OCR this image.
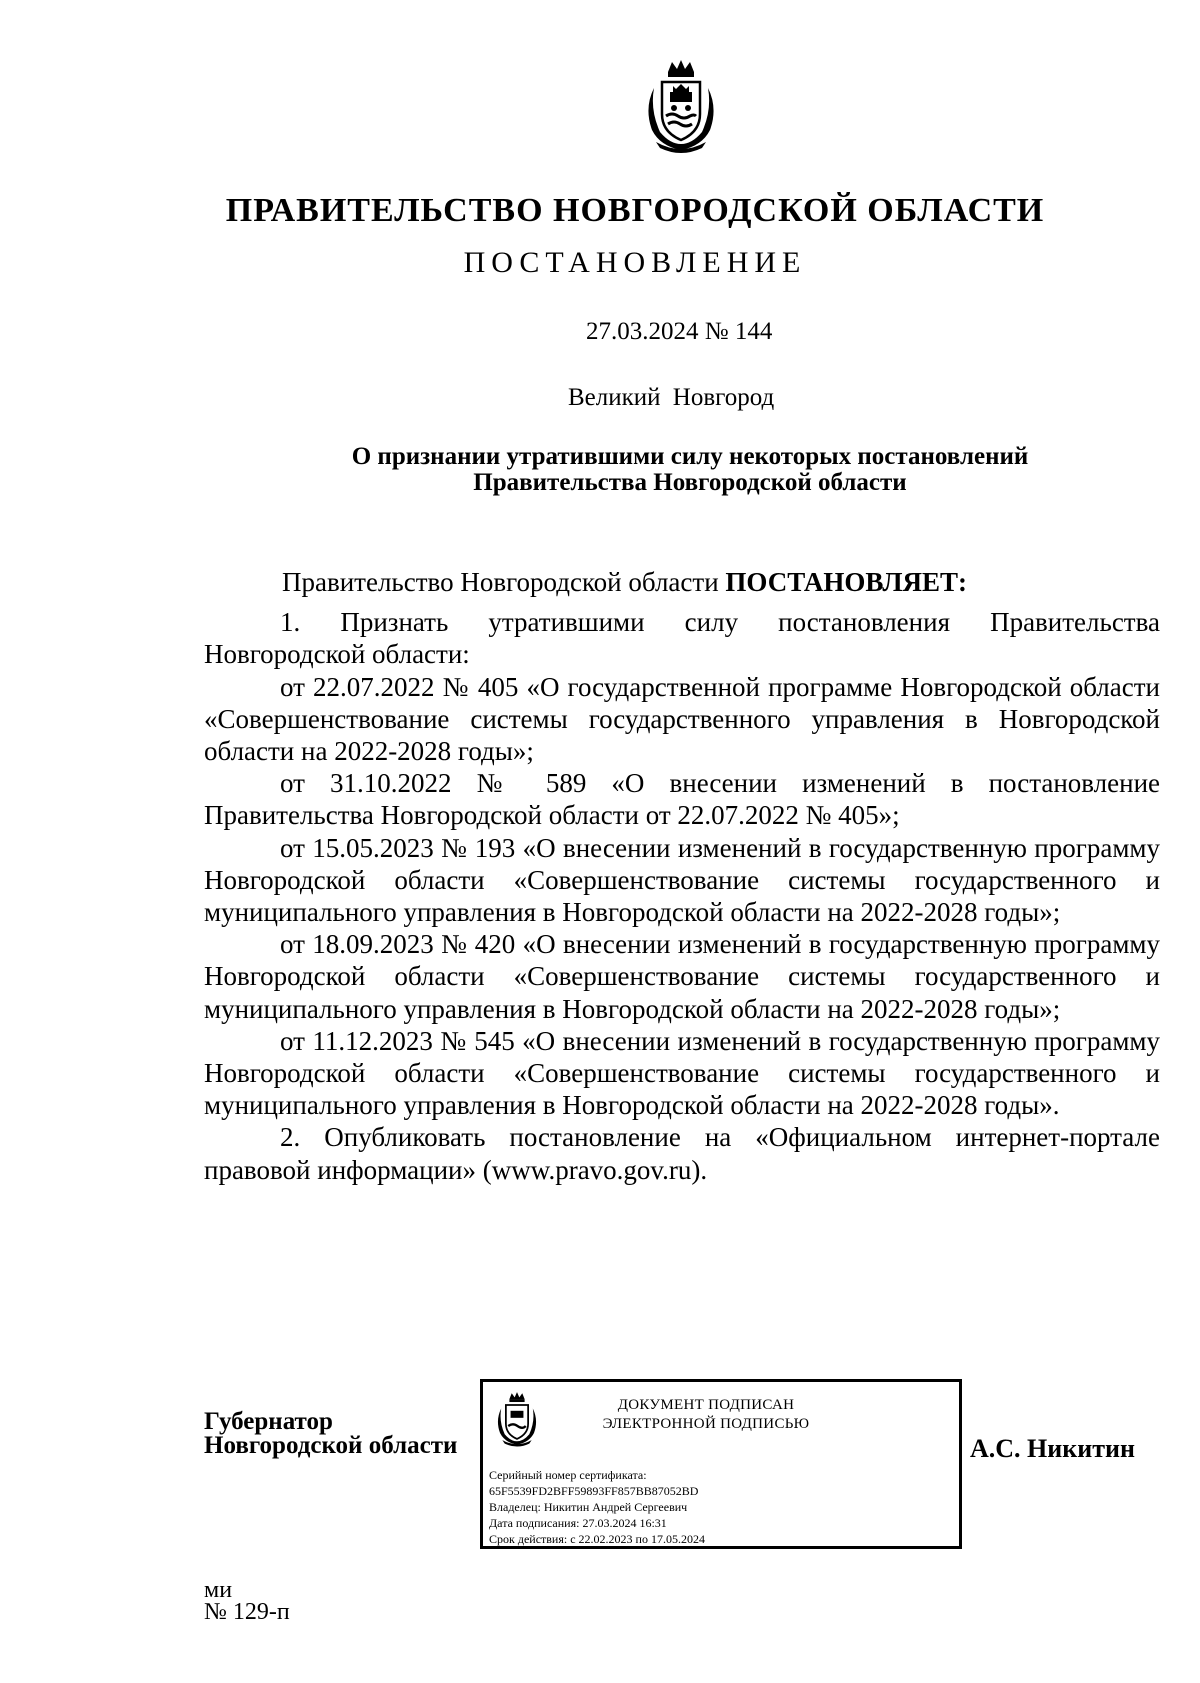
ПРАВИТЕЛЬСТВО НОВГОРОДСКОЙ ОБЛАСТИ
ПОСТАНОВЛЕНИЕ
27.03.2024 № 144
Великий Новгород
О признании утратившими силу некоторых постановлений
Правительства Новгородской области

Правительство Новгородской области ПОСТАНОВЛЯЕТ:

1. Признать утратившими силу постановления Правительства Новгородской области:

от 22.07.2022 № 405 «О государственной программе Новгородской области «Совершенствование системы государственного управления в Новгородской области на 2022-2028 годы»;

от 31.10.2022 № 589 «О внесении изменений в постановление Правительства Новгородской области от 22.07.2022 № 405»;

от 15.05.2023 № 193 «О внесении изменений в государственную программу Новгородской области «Совершенствование системы государственного и муниципального управления в Новгородской области на 2022-2028 годы»;

от 18.09.2023 № 420 «О внесении изменений в государственную программу Новгородской области «Совершенствование системы государственного и муниципального управления в Новгородской области на 2022-2028 годы»;

от 11.12.2023 № 545 «О внесении изменений в государственную программу Новгородской области «Совершенствование системы государственного и муниципального управления в Новгородской области на 2022-2028 годы».

2. Опубликовать постановление на «Официальном интернет-портале правовой информации» (www.pravo.gov.ru).

Губернатор
Новгородской области
ДОКУМЕНТ ПОДПИСАН
ЭЛЕКТРОННОЙ ПОДПИСЬЮ
Серийный номер сертификата:
65F5539FD2BFF59893FF857BB87052BD
Владелец: Никитин Андрей Сергеевич
Дата подписания: 27.03.2024 16:31
Срок действия: с 22.02.2023 по 17.05.2024
А.С. Никитин
ми
№ 129-п
